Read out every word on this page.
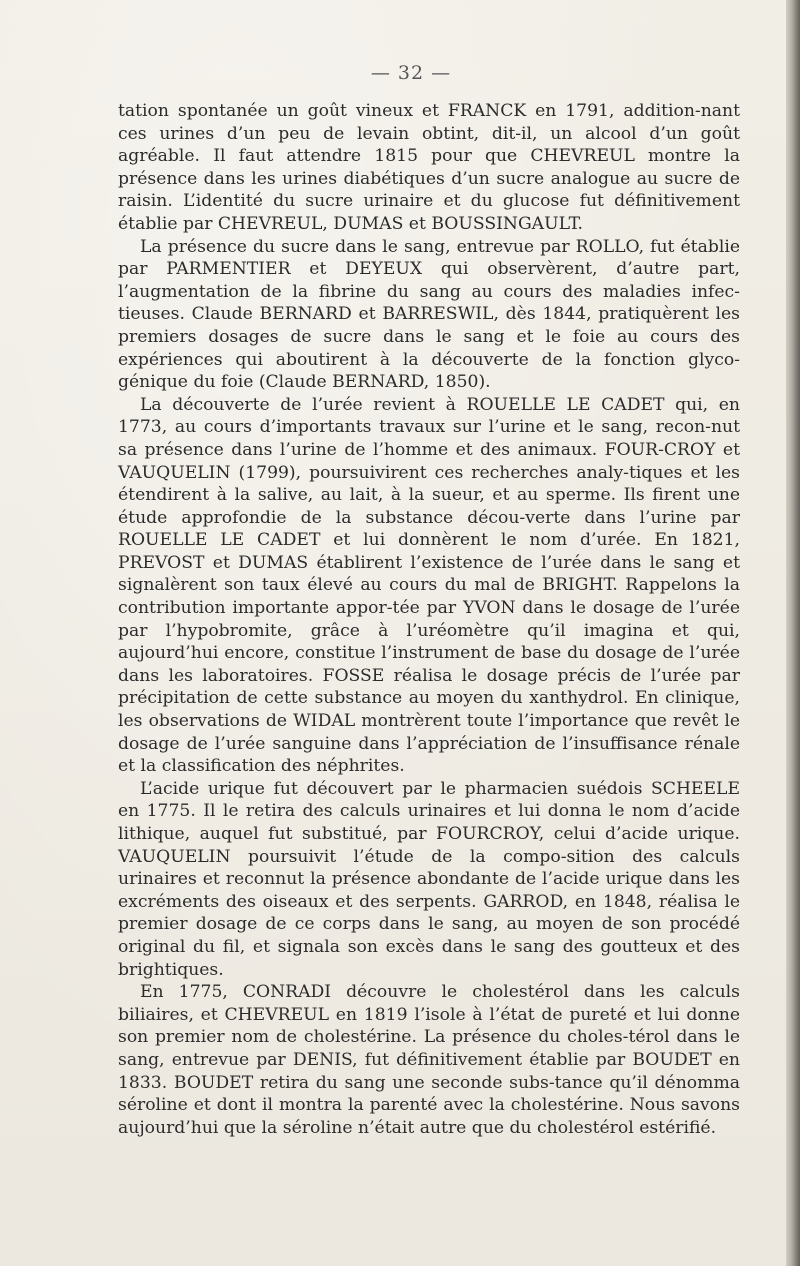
— 32 —

tation spontanée un goût vineux et FRANCK en 1791, addition-nant ces urines d’un peu de levain obtint, dit-il, un alcool d’un goût agréable. Il faut attendre 1815 pour que CHEVREUL montre la présence dans les urines diabétiques d’un sucre analogue au sucre de raisin. L’identité du sucre urinaire et du glucose fut définitivement établie par CHEVREUL, DUMAS et BOUSSINGAULT.

La présence du sucre dans le sang, entrevue par ROLLO, fut établie par PARMENTIER et DEYEUX qui observèrent, d’autre part, l’augmentation de la fibrine du sang au cours des maladies infec-tieuses. Claude BERNARD et BARRESWIL, dès 1844, pratiquèrent les premiers dosages de sucre dans le sang et le foie au cours des expériences qui aboutirent à la découverte de la fonction glyco-génique du foie (Claude BERNARD, 1850).

La découverte de l’urée revient à ROUELLE LE CADET qui, en 1773, au cours d’importants travaux sur l’urine et le sang, recon-nut sa présence dans l’urine de l’homme et des animaux. FOUR-CROY et VAUQUELIN (1799), poursuivirent ces recherches analy-tiques et les étendirent à la salive, au lait, à la sueur, et au sperme. Ils firent une étude approfondie de la substance décou-verte dans l’urine par ROUELLE LE CADET et lui donnèrent le nom d’urée. En 1821, PREVOST et DUMAS établirent l’existence de l’urée dans le sang et signalèrent son taux élevé au cours du mal de BRIGHT. Rappelons la contribution importante appor-tée par YVON dans le dosage de l’urée par l’hypobromite, grâce à l’uréomètre qu’il imagina et qui, aujourd’hui encore, constitue l’instrument de base du dosage de l’urée dans les laboratoires. FOSSE réalisa le dosage précis de l’urée par précipitation de cette substance au moyen du xanthydrol. En clinique, les observations de WIDAL montrèrent toute l’importance que revêt le dosage de l’urée sanguine dans l’appréciation de l’insuffisance rénale et la classification des néphrites.

L’acide urique fut découvert par le pharmacien suédois SCHEELE en 1775. Il le retira des calculs urinaires et lui donna le nom d’acide lithique, auquel fut substitué, par FOURCROY, celui d’acide urique. VAUQUELIN poursuivit l’étude de la compo-sition des calculs urinaires et reconnut la présence abondante de l’acide urique dans les excréments des oiseaux et des serpents. GARROD, en 1848, réalisa le premier dosage de ce corps dans le sang, au moyen de son procédé original du fil, et signala son excès dans le sang des goutteux et des brightiques.

En 1775, CONRADI découvre le cholestérol dans les calculs biliaires, et CHEVREUL en 1819 l’isole à l’état de pureté et lui donne son premier nom de cholestérine. La présence du choles-térol dans le sang, entrevue par DENIS, fut définitivement établie par BOUDET en 1833. BOUDET retira du sang une seconde subs-tance qu’il dénomma séroline et dont il montra la parenté avec la cholestérine. Nous savons aujourd’hui que la séroline n’était autre que du cholestérol estérifié.
